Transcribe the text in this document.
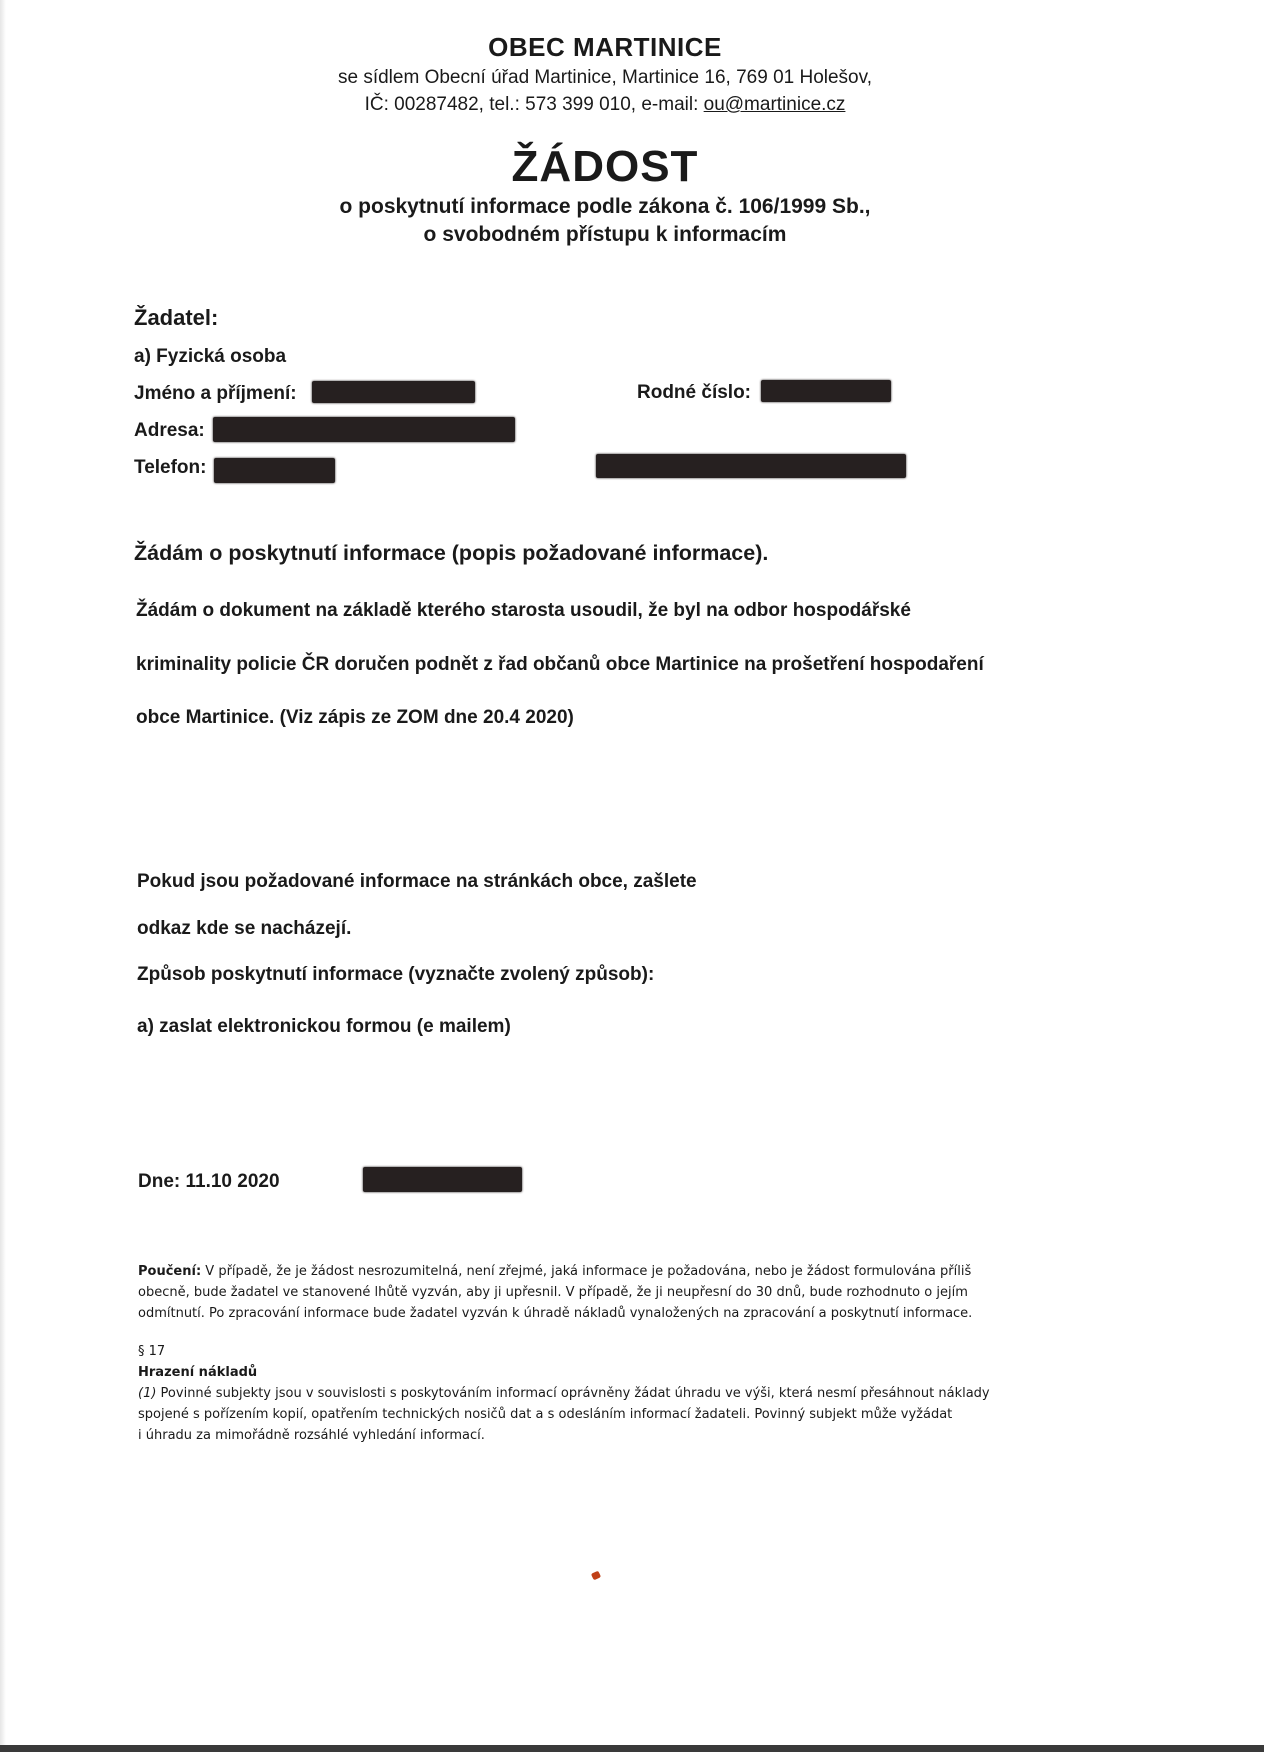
OBEC MARTINICE
se sídlem Obecní úřad Martinice, Martinice 16, 769 01 Holešov,
IČ: 00287482, tel.: 573 399 010, e-mail: ou@martinice.cz
ŽÁDOST
o poskytnutí informace podle zákona č. 106/1999 Sb.,
o svobodném přístupu k informacím
Žadatel:
a) Fyzická osoba
Jméno a příjmení:	Rodné číslo:
Adresa:
Telefon:
Žádám o poskytnutí informace (popis požadované informace).
Žádám o dokument na základě kterého starosta usoudil, že byl na odbor hospodářské
kriminality policie ČR doručen podnět z řad občanů obce Martinice na prošetření hospodaření
obce Martinice. (Viz zápis ze ZOM dne 20.4 2020)
Pokud jsou požadované informace na stránkách obce, zašlete
odkaz kde se nacházejí.
Způsob poskytnutí informace (vyznačte zvolený způsob):
a) zaslat elektronickou formou (e mailem)
Dne: 11.10 2020
Poučení: V případě, že je žádost nesrozumitelná, není zřejmé, jaká informace je požadována, nebo je žádost formulována příliš
obecně, bude žadatel ve stanovené lhůtě vyzván, aby ji upřesnil. V případě, že ji neupřesní do 30 dnů, bude rozhodnuto o jejím
odmítnutí. Po zpracování informace bude žadatel vyzván k úhradě nákladů vynaložených na zpracování a poskytnutí informace.
§ 17
Hrazení nákladů
(1) Povinné subjekty jsou v souvislosti s poskytováním informací oprávněny žádat úhradu ve výši, která nesmí přesáhnout náklady
spojené s pořízením kopií, opatřením technických nosičů dat a s odesláním informací žadateli. Povinný subjekt může vyžádat
i úhradu za mimořádně rozsáhlé vyhledání informací.
